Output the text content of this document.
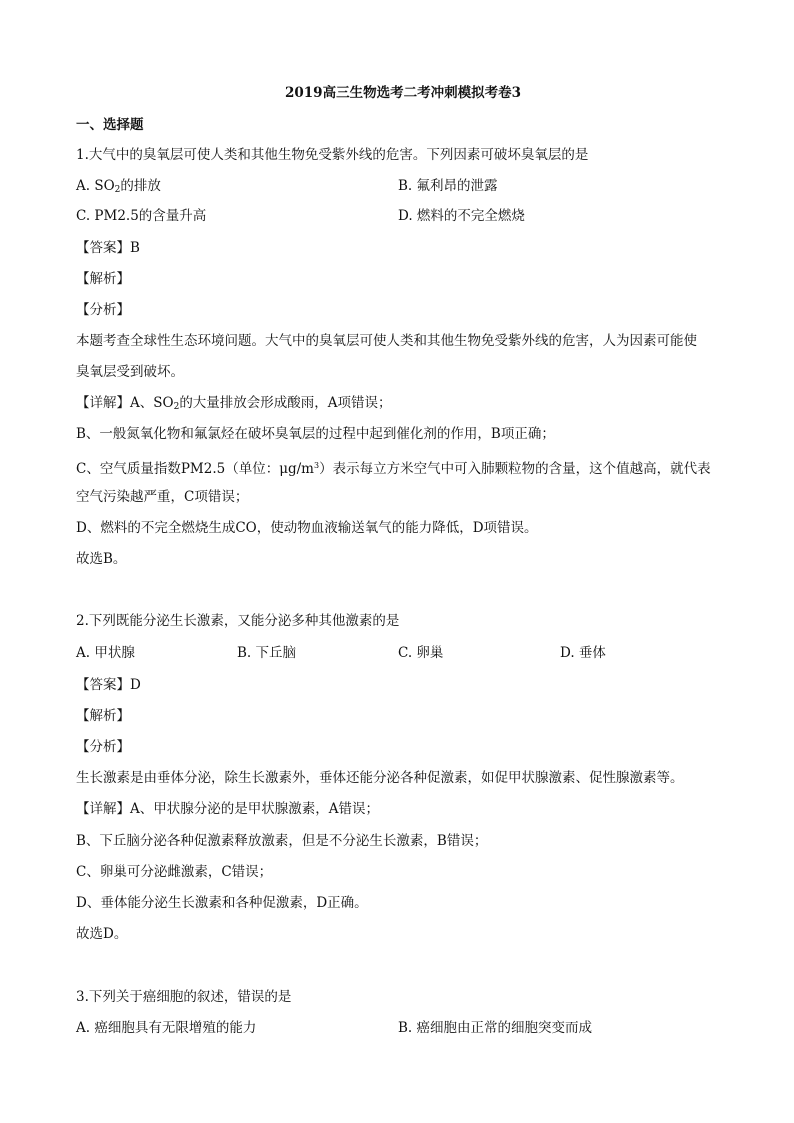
2019高三生物选考二考冲刺模拟考卷3
一、选择题
1.大气中的臭氧层可使人类和其他生物免受紫外线的危害。下列因素可破坏臭氧层的是
A. $SO_2$的排放	B. 氟利昂的泄露
C. PM2.5的含量升高	D. 燃料的不完全燃烧
【答案】B
【解析】
【分析】
本题考查全球性生态环境问题。大气中的臭氧层可使人类和其他生物免受紫外线的危害，人为因素可能使
臭氧层受到破坏。
【详解】A、$SO_2$的大量排放会形成酸雨，A项错误；
B、一般氮氧化物和氟氯烃在破坏臭氧层的过程中起到催化剂的作用，B项正确；
C、空气质量指数PM2.5（单位：$\mu g/m^3$）表示每立方米空气中可入肺颗粒物的含量，这个值越高，就代表
空气污染越严重，C项错误；
D、燃料的不完全燃烧生成CO，使动物血液输送氧气的能力降低，D项错误。
故选B。
2.下列既能分泌生长激素，又能分泌多种其他激素的是
A. 甲状腺	B. 下丘脑	C. 卵巢	D. 垂体
【答案】D
【解析】
【分析】
生长激素是由垂体分泌，除生长激素外，垂体还能分泌各种促激素，如促甲状腺激素、促性腺激素等。
【详解】A、甲状腺分泌的是甲状腺激素，A错误；
B、下丘脑分泌各种促激素释放激素，但是不分泌生长激素，B错误；
C、卵巢可分泌雌激素，C错误；
D、垂体能分泌生长激素和各种促激素，D正确。
故选D。
3.下列关于癌细胞的叙述，错误的是
A. 癌细胞具有无限增殖的能力	B. 癌细胞由正常的细胞突变而成
